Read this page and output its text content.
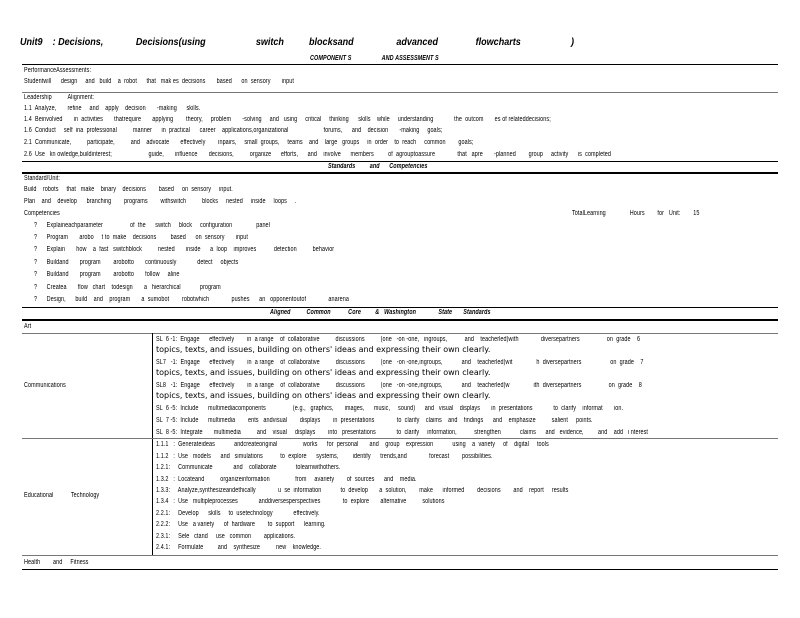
Unit9    : Decisions,             Decisions(using                    switch          blocksand                 advanced               flowcharts                    )
COMPONENT S                   AND ASSESSMENT S
PerformanceAssessments:
Studentwill      design     and   build    a  robot      that   mak es  decisions       based      on  sensory       input
Leadership          Alignment:
1.1  Analyze,       refine     and    apply    decision       -making      skills.
1.4  Beinvolved       in  activities       thatrequire       applying        theory,     problem       -solving     and   using     critical     thinking      skills    while     understanding             the  outcom       es of relateddecisions;
1.6  Conduct     self  ina  professional          manner      in  practical      career    applications,organizational                      forums,      and    decision       -making     goals;
2.1  Communicate,          participate,          and    advocate       effectively        inpairs,     small  groups,     teams    and    large   groups     in  order    to  reach     common        goals;
2.6  Use   kn owledge,buildinterest;                       guide,       influence       decisions,          organize      efforts,      and    involve      members         of  agrouptoassure              that   apre       -planned        group     activity      is  completed
Standards         and      Competencies
Standard/Unit:
Build    robots     that   make    binary    decisions        based     on  sensory     input.
Plan    and    develop      branching        programs        withswitch          blocks     nested     inside     loops     .
Competencies	TotalLearning               Hours        for   Unit:        15
?      Explaineachparameter                 of  the      switch     block     configuration               panel
?      Program       arobo     t to  make    decisions         based      on  sensory       input
?      Explain       how    a  fast   switchblock          nested       inside      a  loop    improves           detection          behavior
?      Buildand       program        arobotto       continuously             detect     objects
?      Buildand       program        arobotto       follow     aline
?      Createa       flow   chart    todesign       a   hierarchical            program
?      Design,      build    and    program       a  sumobot        robotwhich              pushes      an   opponentoutof              anarena
Aligned          Common           Core         &   Washington              State       Standards
Art
Communications
SL  6 -1:  Engage      effectively        in  a range    of  collaborative          discussions          (one   -on -one,   ingroups,           and    teacherled)with              diversepartners                 on  grade    6
topics, texts, and issues, building on others' ideas and expressing their own clearly.
SL7   -1:  Engage      effectively        in  a range    of  collaborative          discussions          (one   -on -one,ingroups,            and    teacherled)wit               h  diversepartners                  on  grade    7
topics, texts, and issues, building on others' ideas and expressing their own clearly.
SL8   -1:  Engage      effectively        in  a range    of  collaborative          discussions          (one   -on -one,ingroups,            and    teacherled)w               ith  diversepartners                 on  grade    8
topics, texts, and issues, building on others' ideas and expressing their own clearly.
SL  6 -5:  Include      multimediacomponents                 (e.g.,   graphics,       images,      music,     sound)      and   visual    displays       in  presentations             to  clarify    informat       ion.
SL  7 -5:  Include      multimedia        ents   andvisual        displays        in  presentations              to  clarify    claims    and    findings      and    emphasize          salient     points.
SL  8 -5:  Integrate       multimedia          and    visual     displays        into   presentations             to  clarify     information,           strengthen            claims      and   evidence,         and    add   i nterest
Educational           Technology
1.1.1   :  Generateideas            andcreateoriginal                works      for  personal       and    group    expression            using    a  variety     of    digital     tools
1.1.2   :  Use   models      and   simulations           to  explore      systems,         identify      trends,and              forecast        possibilities.
1.2.1:     Communicate             and    collaborate            tolearnwithothers.
1.3.2   :  Locateand          organizeinformation                from     avariety        of  sources      and    media.
1.3.3:     Analyze,synthesizeandethically              u  se  information            to  develop       a  solution,        make      informed        decisions        and    report     results
1.3.4   :  Use   multipleprocesses             anddiversesperspectives              to  explore       alternative          solutions
2.2.1:     Develop      skills     to  usetechnology             effectively.
2.2.2:     Use   a variety      of  hardware        to  support      learning.
2.3.1:     Sele   ctand     use   common        applications.
2.4.1:     Formulate         and    synthesize          new    knowledge.
Health        and     Fitness
